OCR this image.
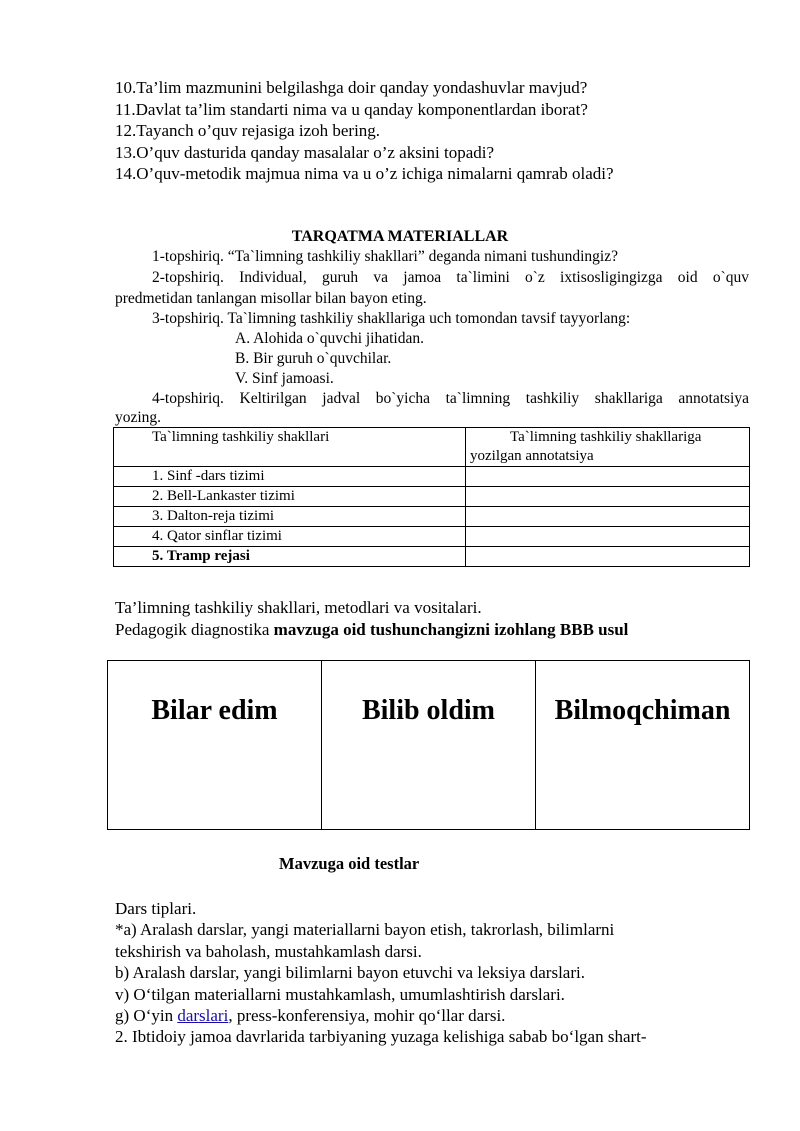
10.Ta’lim mazmunini belgilashga doir qanday yondashuvlar mavjud?
11.Davlat ta’lim standarti nima va u qanday komponentlardan iborat?
12.Tayanch o’quv rejasiga izoh bering.
13.O’quv dasturida qanday masalalar o’z aksini topadi?
14.O’quv-metodik majmua nima va u o’z ichiga nimalarni qamrab oladi?
TARQATMA MATERIALLAR
1-topshiriq. “Ta`limning tashkiliy shakllari” deganda nimani tushundingiz?
2-topshiriq. Individual, guruh va jamoa ta`limini o`z ixtisosligingizga oid o`quv
predmetidan tanlangan misollar bilan bayon eting.
3-topshiriq. Ta`limning tashkiliy shakllariga uch tomondan tavsif tayyorlang:
A. Alohida o`quvchi jihatidan.
B. Bir guruh o`quvchilar.
V. Sinf jamoasi.
4-topshiriq. Keltirilgan jadval bo`yicha ta`limning tashkiliy shakllariga annotatsiya
yozing.
Ta`limning tashkiliy shakllari	Ta`limning tashkiliy shakllariga
yozilgan annotatsiya
1. Sinf -dars tizimi	
2. Bell-Lankaster tizimi	
3. Dalton-reja tizimi	
4. Qator sinflar tizimi	
5. Tramp rejasi	
Ta’limning tashkiliy shakllari, metodlari va vositalari.
Pedagogik diagnostika mavzuga oid tushunchangizni izohlang BBB usul
Bilar edim	Bilib oldim	Bilmoqchiman
Mavzuga oid testlar
Dars tiplari.
*a) Aralash darslar, yangi materiallarni bayon etish, takrorlash, bilimlarni
tekshirish va baholash, mustahkamlash darsi.
b) Aralash darslar, yangi bilimlarni bayon etuvchi va leksiya darslari.
v) O‘tilgan materiallarni mustahkamlash, umumlashtirish darslari.
g) O‘yin darslari, press-konferensiya, mohir qo‘llar darsi.
2. Ibtidoiy jamoa davrlarida tarbiyaning yuzaga kelishiga sabab bo‘lgan shart-
